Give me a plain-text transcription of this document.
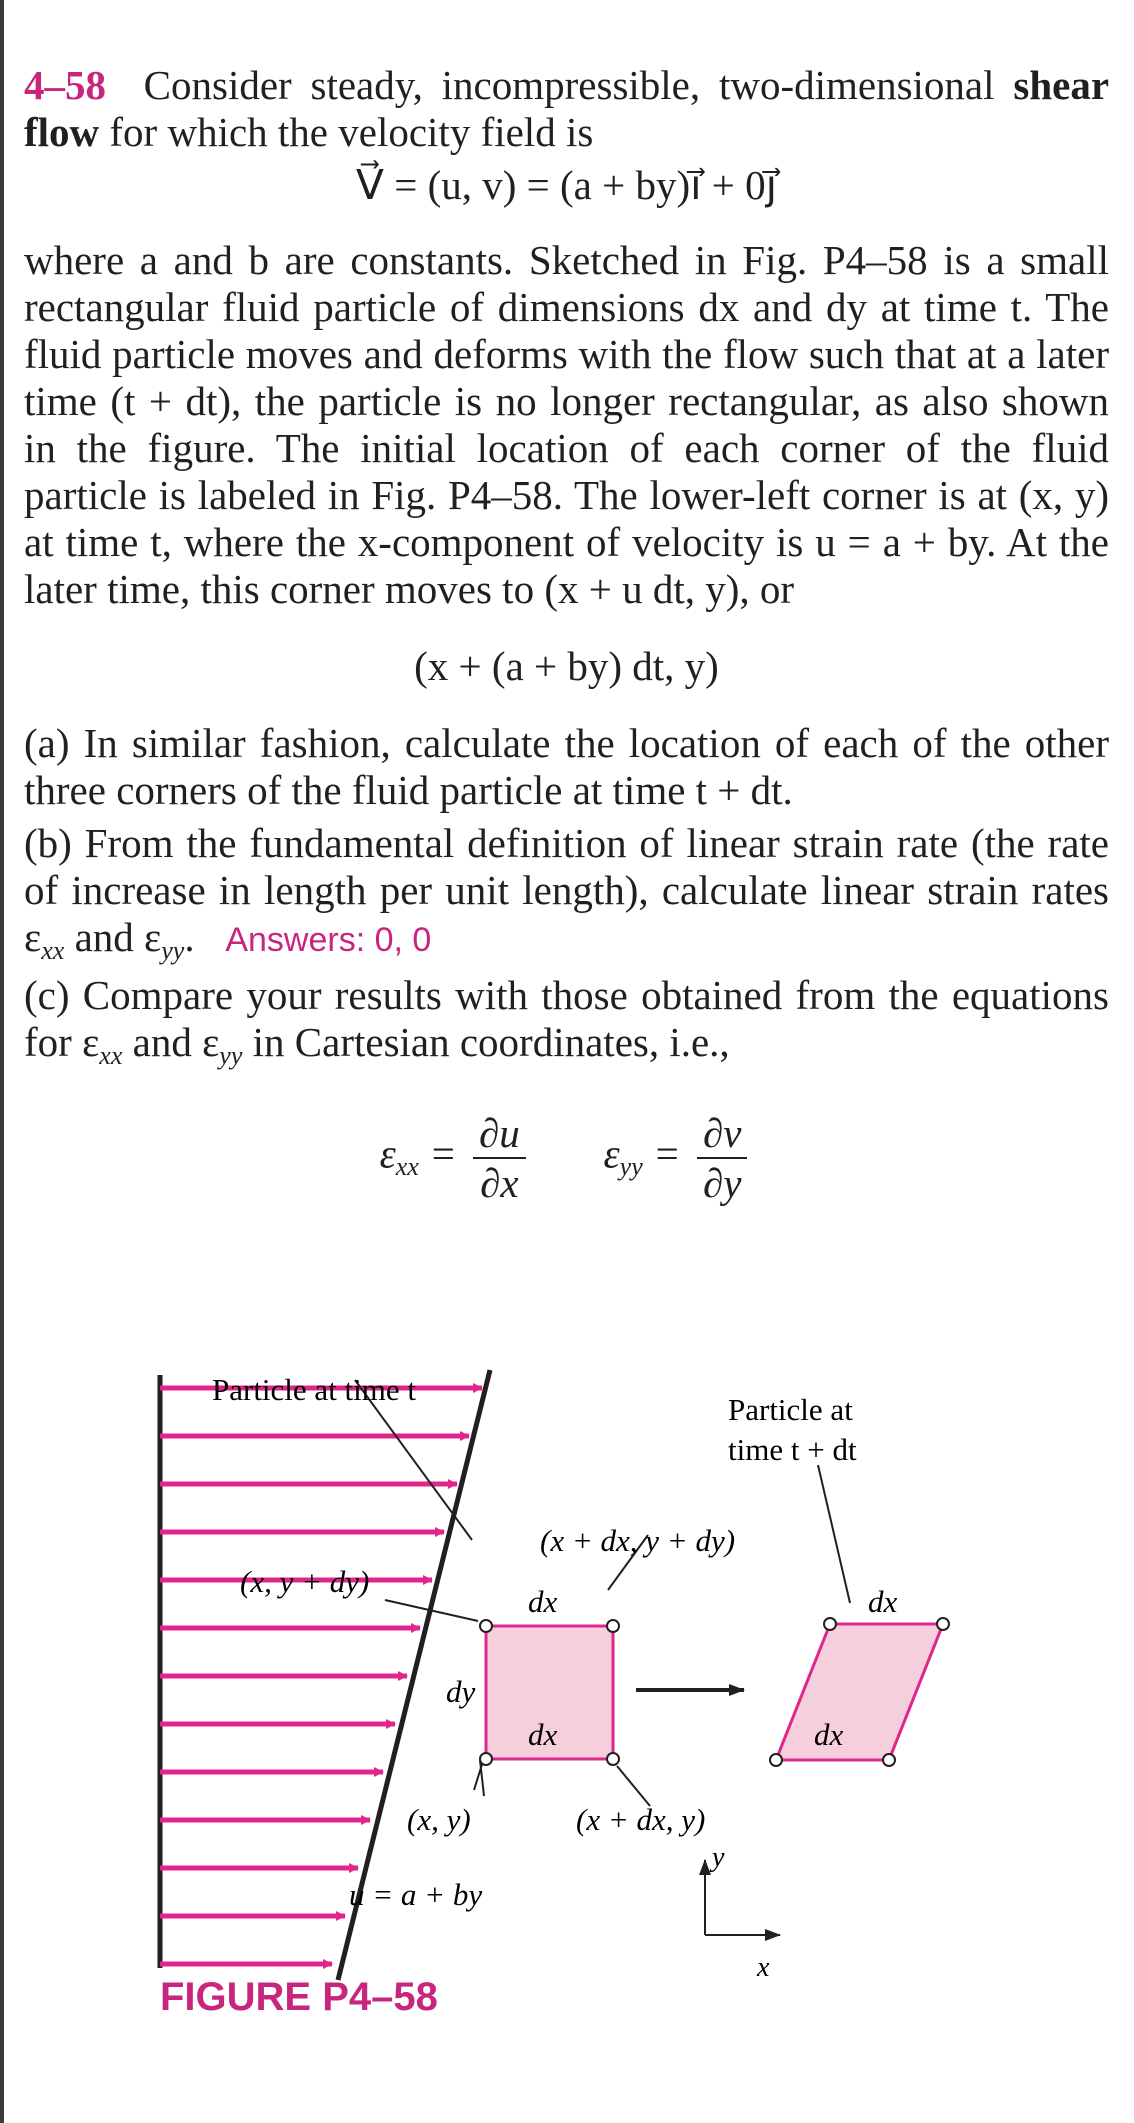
4–58 Consider steady, incompressible, two-dimensional shear flow for which the velocity field is

V⃗ = (u, v) = (a + by)i⃗ + 0j⃗

where a and b are constants. Sketched in Fig. P4–58 is a small rectangular fluid particle of dimensions dx and dy at time t. The fluid particle moves and deforms with the flow such that at a later time (t + dt), the particle is no longer rectangular, as also shown in the figure. The initial location of each corner of the fluid particle is labeled in Fig. P4–58. The lower-left corner is at (x, y) at time t, where the x-component of velocity is u = a + by. At the later time, this corner moves to (x + u dt, y), or

(x + (a + by) dt, y)

(a) In similar fashion, calculate the location of each of the other three corners of the fluid particle at time t + dt.

(b) From the fundamental definition of linear strain rate (the rate of increase in length per unit length), calculate linear strain rates εxx and εyy.   Answers: 0, 0

(c) Compare your results with those obtained from the equations for εxx and εyy in Cartesian coordinates, i.e.,

$\varepsilon xx = \frac{\partial u}{\partial x}$ $\varepsilon yy = \frac{\partial v}{\partial y}$
Particle at time t
Particle at
time t + dt
(x + dx, y + dy)
(x, y + dy)
(x, y)	(x + dx, y)
dx
dx
dy
dx
dx
u = a + by
y
x
FIGURE P4–58
